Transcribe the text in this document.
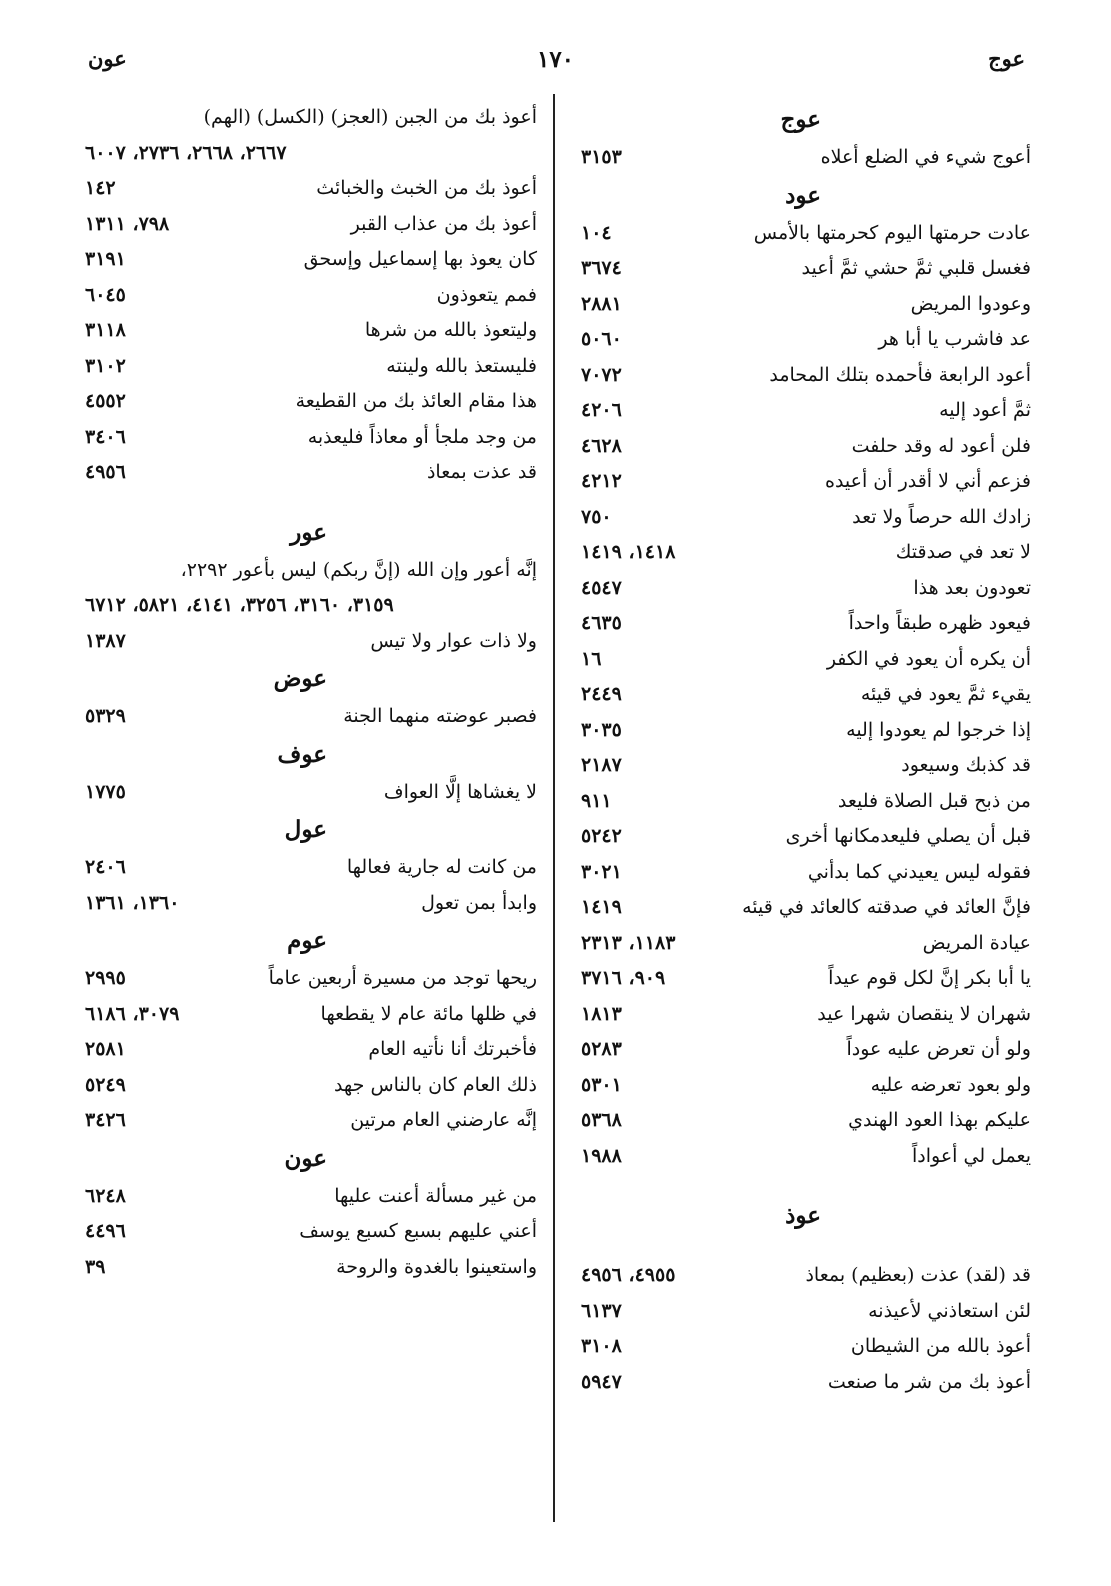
عوج
١٧٠
عون
عوج
أعوج شيء في الضلع أعلاه
٣١٥٣
عود
عادت حرمتها اليوم كحرمتها بالأمس
١٠٤
فغسل قلبي ثمَّ حشي ثمَّ أعيد
٣٦٧٤
وعودوا المريض
٢٨٨١
عد فاشرب يا أبا هر
٥٠٦٠
أعود الرابعة فأحمده بتلك المحامد
٧٠٧٢
ثمَّ أعود إليه
٤٢٠٦
فلن أعود له وقد حلفت
٤٦٢٨
فزعم أني لا أقدر أن أعيده
٤٢١٢
زادك الله حرصاً ولا تعد
٧٥٠
لا تعد في صدقتك
١٤١٨، ١٤١٩
تعودون بعد هذا
٤٥٤٧
فيعود ظهره طبقاً واحداً
٤٦٣٥
أن يكره أن يعود في الكفر
١٦
يقيء ثمَّ يعود في قيئه
٢٤٤٩
إذا خرجوا لم يعودوا إليه
٣٠٣٥
قد كذبك وسيعود
٢١٨٧
من ذبح قبل الصلاة فليعد
٩١١
قبل أن يصلي فليعدمكانها أخرى
٥٢٤٢
فقوله ليس يعيدني كما بدأني
٣٠٢١
فإنَّ العائد في صدقته كالعائد في قيئه
١٤١٩
عيادة المريض
١١٨٣، ٢٣١٣
يا أبا بكر إنَّ لكل قوم عيداً
٩٠٩، ٣٧١٦
شهران لا ينقصان شهرا عيد
١٨١٣
ولو أن تعرض عليه عوداً
٥٢٨٣
ولو بعود تعرضه عليه
٥٣٠١
عليكم بهذا العود الهندي
٥٣٦٨
يعمل لي أعواداً
١٩٨٨
عوذ
قد (لقد) عذت (بعظيم) بمعاذ
٤٩٥٥، ٤٩٥٦
لئن استعاذني لأعيذنه
٦١٣٧
أعوذ بالله من الشيطان
٣١٠٨
أعوذ بك من شر ما صنعت
٥٩٤٧
أعوذ بك من الجبن (العجز) (الكسل) (الهم)
٢٦٦٧، ٢٦٦٨، ٢٧٣٦، ٦٠٠٧
أعوذ بك من الخبث والخبائث
١٤٢
أعوذ بك من عذاب القبر
٧٩٨، ١٣١١
كان يعوذ بها إسماعيل وإسحق
٣١٩١
فمم يتعوذون
٦٠٤٥
وليتعوذ بالله من شرها
٣١١٨
فليستعذ بالله ولينته
٣١٠٢
هذا مقام العائذ بك من القطيعة
٤٥٥٢
من وجد ملجأ أو معاذاً فليعذبه
٣٤٠٦
قد عذت بمعاذ
٤٩٥٦
عور
إنَّه أعور وإن الله (إنَّ ربكم) ليس بأعور ٢٢٩٢،
٣١٥٩، ٣١٦٠، ٣٢٥٦، ٤١٤١، ٥٨٢١، ٦٧١٢
ولا ذات عوار ولا تيس
١٣٨٧
عوض
فصبر عوضته منهما الجنة
٥٣٢٩
عوف
لا يغشاها إلَّا العواف
١٧٧٥
عول
من كانت له جارية فعالها
٢٤٠٦
وابدأ بمن تعول
١٣٦٠، ١٣٦١
عوم
ريحها توجد من مسيرة أربعين عاماً
٢٩٩٥
في ظلها مائة عام لا يقطعها
٣٠٧٩، ٦١٨٦
فأخبرتك أنا نأتيه العام
٢٥٨١
ذلك العام كان بالناس جهد
٥٢٤٩
إنَّه عارضني العام مرتين
٣٤٢٦
عون
من غير مسألة أعنت عليها
٦٢٤٨
أعني عليهم بسبع كسبع يوسف
٤٤٩٦
واستعينوا بالغدوة والروحة
٣٩
